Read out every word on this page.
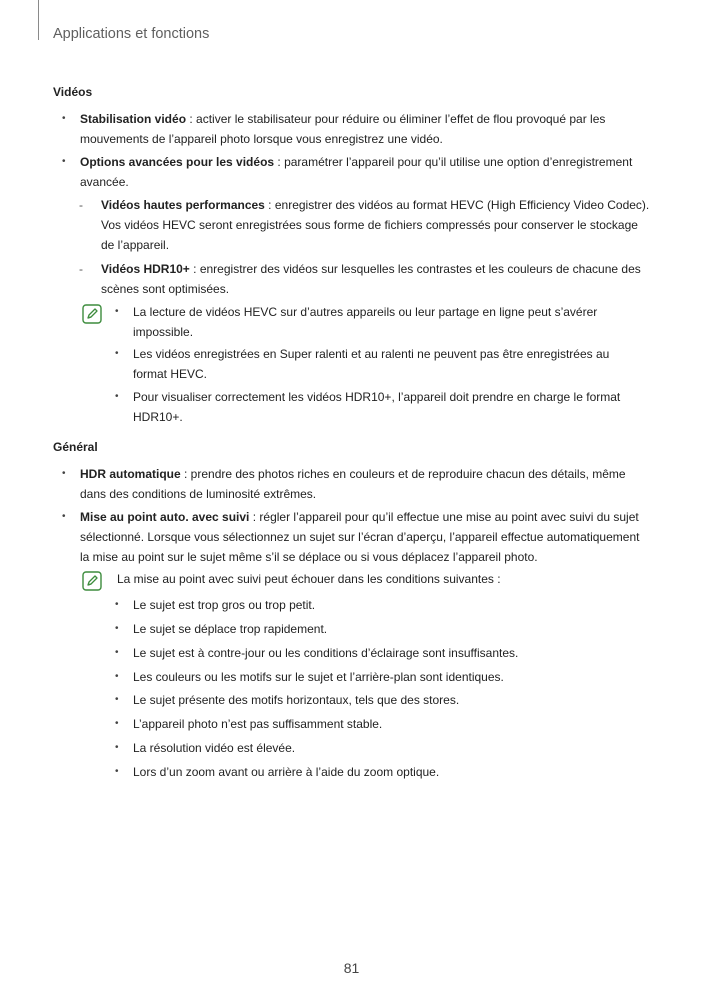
Applications et fonctions
Vidéos
• Stabilisation vidéo : activer le stabilisateur pour réduire ou éliminer l’effet de flou provoqué par les mouvements de l’appareil photo lorsque vous enregistrez une vidéo.
• Options avancées pour les vidéos : paramétrer l’appareil pour qu’il utilise une option d’enregistrement avancée.
- Vidéos hautes performances : enregistrer des vidéos au format HEVC (High Efficiency Video Codec). Vos vidéos HEVC seront enregistrées sous forme de fichiers compressés pour conserver le stockage de l’appareil.
- Vidéos HDR10+ : enregistrer des vidéos sur lesquelles les contrastes et les couleurs de chacune des scènes sont optimisées.
• La lecture de vidéos HEVC sur d’autres appareils ou leur partage en ligne peut s’avérer impossible.
• Les vidéos enregistrées en Super ralenti et au ralenti ne peuvent pas être enregistrées au format HEVC.
• Pour visualiser correctement les vidéos HDR10+, l’appareil doit prendre en charge le format HDR10+.
Général
• HDR automatique : prendre des photos riches en couleurs et de reproduire chacun des détails, même dans des conditions de luminosité extrêmes.
• Mise au point auto. avec suivi : régler l’appareil pour qu’il effectue une mise au point avec suivi du sujet sélectionné. Lorsque vous sélectionnez un sujet sur l’écran d’aperçu, l’appareil effectue automatiquement la mise au point sur le sujet même s’il se déplace ou si vous déplacez l’appareil photo.
La mise au point avec suivi peut échouer dans les conditions suivantes :
• Le sujet est trop gros ou trop petit.
• Le sujet se déplace trop rapidement.
• Le sujet est à contre-jour ou les conditions d’éclairage sont insuffisantes.
• Les couleurs ou les motifs sur le sujet et l’arrière-plan sont identiques.
• Le sujet présente des motifs horizontaux, tels que des stores.
• L’appareil photo n’est pas suffisamment stable.
• La résolution vidéo est élevée.
• Lors d’un zoom avant ou arrière à l’aide du zoom optique.
81
